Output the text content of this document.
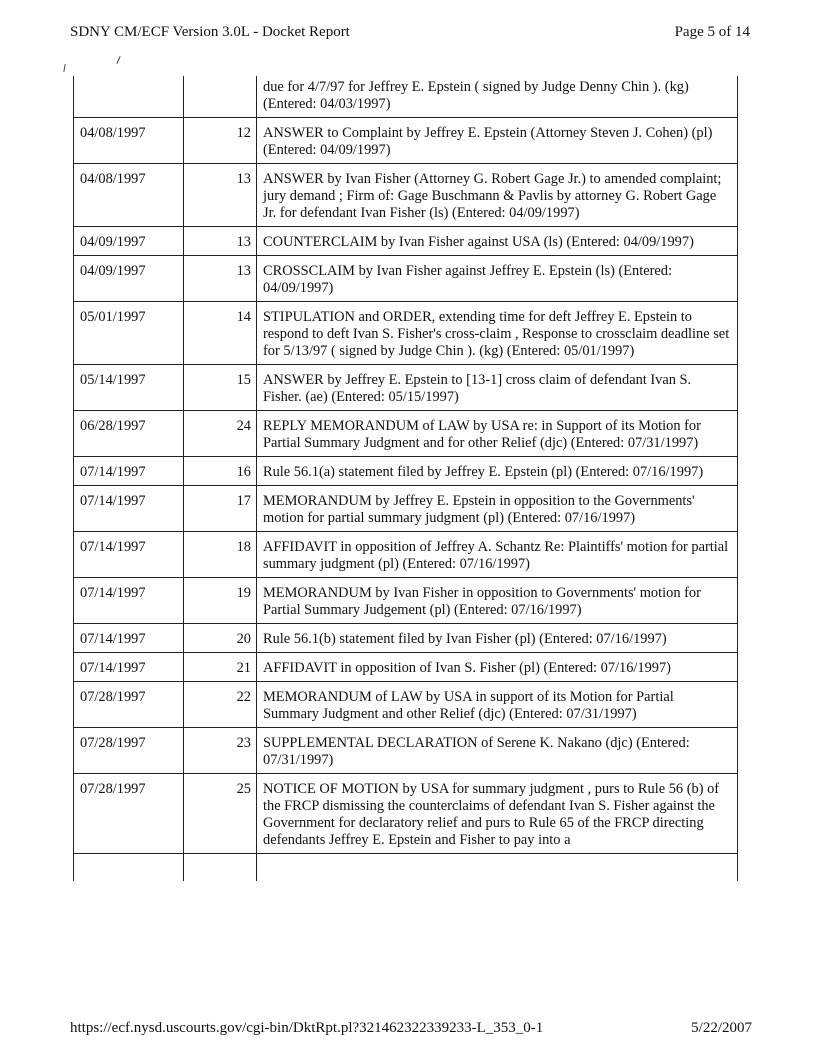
SDNY CM/ECF Version 3.0L - Docket Report	Page 5 of 14
		due for 4/7/97 for Jeffrey E. Epstein ( signed by Judge Denny Chin ). (kg) (Entered: 04/03/1997)

04/08/1997	12	ANSWER to Complaint by Jeffrey E. Epstein (Attorney Steven J. Cohen) (pl) (Entered: 04/09/1997)

04/08/1997	13	ANSWER by Ivan Fisher (Attorney G. Robert Gage Jr.) to amended complaint; jury demand ; Firm of: Gage Buschmann & Pavlis by attorney G. Robert Gage Jr. for defendant Ivan Fisher (ls) (Entered: 04/09/1997)

04/09/1997	13	COUNTERCLAIM by Ivan Fisher against USA (ls) (Entered: 04/09/1997)

04/09/1997	13	CROSSCLAIM by Ivan Fisher against Jeffrey E. Epstein (ls) (Entered: 04/09/1997)

05/01/1997	14	STIPULATION and ORDER, extending time for deft Jeffrey E. Epstein to respond to deft Ivan S. Fisher's cross-claim , Response to crossclaim deadline set for 5/13/97 ( signed by Judge Chin ). (kg) (Entered: 05/01/1997)

05/14/1997	15	ANSWER by Jeffrey E. Epstein to [13-1] cross claim of defendant Ivan S. Fisher. (ae) (Entered: 05/15/1997)

06/28/1997	24	REPLY MEMORANDUM of LAW by USA re: in Support of its Motion for Partial Summary Judgment and for other Relief (djc) (Entered: 07/31/1997)

07/14/1997	16	Rule 56.1(a) statement filed by Jeffrey E. Epstein (pl) (Entered: 07/16/1997)

07/14/1997	17	MEMORANDUM by Jeffrey E. Epstein in opposition to the Governments' motion for partial summary judgment (pl) (Entered: 07/16/1997)

07/14/1997	18	AFFIDAVIT in opposition of Jeffrey A. Schantz Re: Plaintiffs' motion for partial summary judgment (pl) (Entered: 07/16/1997)

07/14/1997	19	MEMORANDUM by Ivan Fisher in opposition to Governments' motion for Partial Summary Judgement (pl) (Entered: 07/16/1997)

07/14/1997	20	Rule 56.1(b) statement filed by Ivan Fisher (pl) (Entered: 07/16/1997)

07/14/1997	21	AFFIDAVIT in opposition of Ivan S. Fisher (pl) (Entered: 07/16/1997)

07/28/1997	22	MEMORANDUM of LAW by USA in support of its Motion for Partial Summary Judgment and other Relief (djc) (Entered: 07/31/1997)

07/28/1997	23	SUPPLEMENTAL DECLARATION of Serene K. Nakano (djc) (Entered: 07/31/1997)

07/28/1997	25	NOTICE OF MOTION by USA for summary judgment , purs to Rule 56 (b) of the FRCP dismissing the counterclaims of defendant Ivan S. Fisher against the Government for declaratory relief and purs to Rule 65 of the FRCP directing defendants Jeffrey E. Epstein and Fisher to pay into a

https://ecf.nysd.uscourts.gov/cgi-bin/DktRpt.pl?321462322339233-L_353_0-1	5/22/2007
